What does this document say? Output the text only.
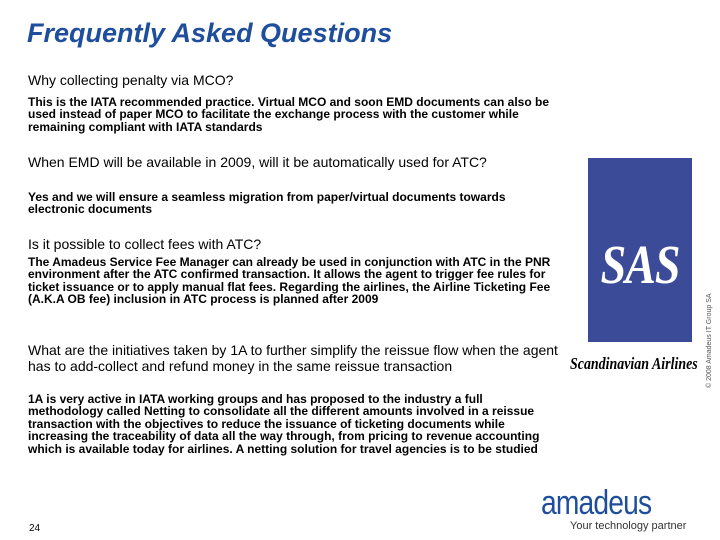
Frequently Asked Questions
Why collecting penalty via MCO?
This is the IATA recommended practice. Virtual MCO and soon EMD documents can also be used instead of paper MCO to facilitate the exchange process with the customer while remaining compliant with IATA standards
When EMD will be available in 2009, will it be automatically used for ATC?
Yes and we will ensure a seamless migration from paper/virtual documents towards electronic documents
Is it possible to collect fees with ATC?
The Amadeus Service Fee Manager can already be used in conjunction with ATC in the PNR environment after the ATC confirmed transaction. It allows the agent to trigger fee rules for ticket issuance or to apply manual flat fees. Regarding the airlines, the Airline Ticketing Fee (A.K.A OB fee) inclusion in ATC process is planned after 2009
What are the initiatives taken by 1A to further simplify the reissue flow when the agent has to add-collect and refund money in the same reissue transaction
1A is very active in IATA working groups and has proposed to the industry a full methodology called Netting to consolidate all the different amounts involved in a reissue transaction with the objectives to reduce the issuance of ticketing documents while increasing the traceability of data all the way through, from pricing to revenue accounting which is available today for airlines. A netting solution for travel agencies is to be studied
SAS
Scandinavian Airlines © 2008 Amadeus IT Group SA
24
amadeus
Your technology partner
